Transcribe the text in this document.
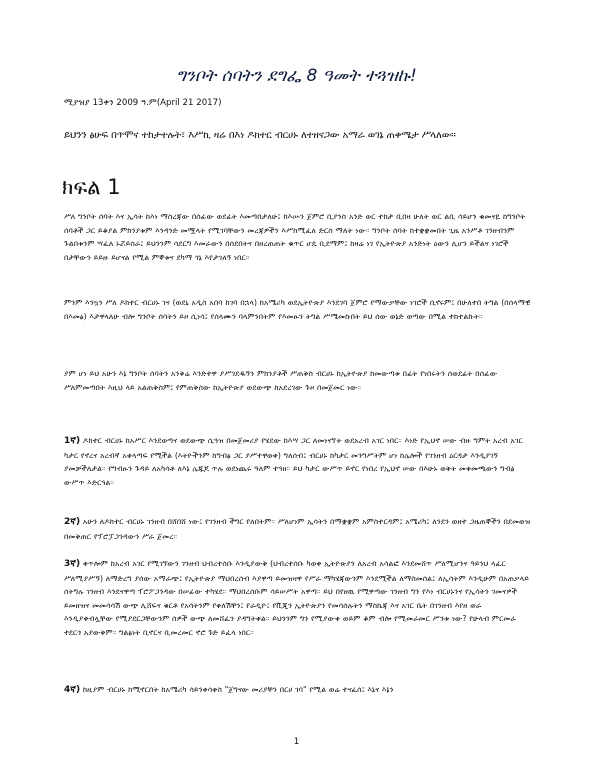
ግንቦት ሰባትን ደግፌ 8 ዓመት ተጓዝኩ!
ሚያዝያ 13ቀን 2009 ዓ.ም(April 21 2017)
ይህንን ፅሁፍ በጥሞና ተከታተሉት፣ እሥኪ ዛሬ በእነ ዶክተር ብርሀኑ ለተዘናጋው አማራ ወገኔ ጠቀሜታ ሥላለው።
ክፍል 1
ሥለ ግንቦት ሰባት እና ኢሳት ከእነ ማስረጃው በሰፊው ወደፊት እመጣበታለሁ፤ ከእሡን ጀምሮ ቢያንስ አንድ ወር ተከታ ቢበዛ ሁለት ወር ልቢ ሳይሆን ቁመናዬ ከግንቦት ሰባቶች ጋር ይቆያል ምክንያቱም እንዳንድ መሟላት የሚገባቸውን መረጃዎችን እሥከሚፈለ ድርስ ማለት ነው። ግንቦት ሰባት ከተቋቋመበት ጊዜ አንሥቶ ገንዘብንም ጉልበቱንም ሣፈለ ኑሯይሰራ፤ ይህንንም ሳደርግ እመራውን በሰደበትና በዘረጠጠት ቁጥር ሆዴ ቢደማም፤ ከዛሬ ነገ የኢትዮጵያ አንድነት ዕውን ሊሆን ይችልና ነገሮች በታቸውን ይይዙ ይሆናል የሚል ምኞቱና ደካማ ጎኔ እየታገለኝ ነበር።
ምንም እንኳን ሥለ ዶክተር ብርሀኑ ገና (ወደኒ አዲስ አበባ ከገባ በኋላ) ከአሜሪካ ወደኢትዮጵያ እንደገባ ጀምሮ የማውቃቸው ነገሮች ቢኖሩም፤ በሁለተበ ትግል (በሰላማዊ በእመፅ) እታዋላለሁ ብሎ ግንቦት ሰባትን ይዞ ሲነሳ፤ የሰላሙን ባላምንበትም የእመፁን ትግል ሥሜመኩበት ይህ ሰው ወኔድ ወጣው በሚል ተከተልኩት።
ያም ሆነ ይህ አሁን እኔ ግንቦት ሰባትን አንቅሬ እንድተዋ ያሥገደዱኝን ምክንያቶች ሥጠቅስ ብርሀኑ ከኢትዮጵያ ከመውጣቱ በፊት የነበሩትን ሰወደፊት በሰፊው ሥለምመጣበት እዚህ ላይ አልጠቅስም፤ የምጠቅሰው ከኢትዮጵያ ወደውጭ ከአደረገው ጉዞ በመጀመር ነው።
1ኛ) ዶክተር ብርሀኑ ከአሥር እንደወጣና ወደውጭ ሲጓዝ በመጀመሪያ የሄደው ከእሣ ጋር ለመነናኘት ወደአረብ አገር ነበር። እነድ የኢህኖ ሠው ብዙ ግምት አረብ አገር ካታር የኖረና አረብኛ አቀላጣፍ የሚችል (እትዮችንም ከግብፅ ጋር ያሥተዋወቀ) ግለሰብ፤ ብርሀኑ ከካታር መንግሥትም ሆነ ከሌሎች የገንዘብ ዕርዳታ እንዲያገኝ ያመቻችለታል። የግብፁን ጉዳይ ለአካሳቶ ለእኔ ሌጁጆ ጥሉ ወደነጨሩ ዓለም ተጓዘ። ይህ ካታር ውሥጥ ይኖር የነበረ የኢህኖ ሠው በእሁኑ ወቅት መቀመጫውን ግብፅ ውሥጥ እድርጓል።
2ኛ) አሁን ለዶክተር ብርሀኑ ገንዘብ በሸበሸ ነው፤ የገንዘብ ችግር የለበትም። ሥለሆነም ኢሳትን በማቋቋም አምስተርዳም፤ አሜሪካ፤ ለንደን ወዘተ ጋዜጠኞችን በደመወዝ በመቅጠር የፕሮፓጋንዳውን ሥራ ጀመረ።
3ኛ) ቀጥሎም ከአረብ አገር የሚገኘውን ገንዘብ ህብረተሰቡ እንዲያውቅ (ህብረተሰቡ ካወቀ ኢትዮጵያን ለአረብ አሳልፎ እንደመሸጥ ሥለሚሆንና ዓይንህ ላፈር ሥለሚያሥኝ) ለማድረግ ያሰው አማራጭ፤ የኢትዮጵያ ማህበረሰብ እያዋጣ ይመዝዛዋ የሥራ ማካሄጃውንም እንደሚችል ለማስመሰል፤ ለኢሳትም እንዲሁም በአጠቃላይ ሰትግሉ ገንዘብ እንደናዋጣ ፕሮፖጋንዳው በሠፊው ተካሄደ። ማህበረሰቡም ሳይሠሥት አዋጣ። ይህ በየዘዉ የሚዋጣው ገንዘብ ግን የእነ ብርሀኑንና የኢሳትን ገመናዎች ይመዘዝና መመሳሳሽ ውጭ ሊሸፍና ቁርቶ የአሳትንም የቀለሽቸን፤ የራዲዮ፤ የቪጂን ኢትዮጵያን የመሳሰሉትን ማስኬጃ እና አገር ቤት በገንዘብ እየዘ ወራ እንዲያቀብሏቸው የሚያደርጋቸውንም ሰዎች ውጭ ለመሸፈን ያዳግትቀል። ይህንንም ግን የሚያውቀ ወይም ቆም ብሎ የሚመራመር ሥንቱ ነው? የሁላብ ምርመራ ተደርጎ አያውቅም። ግልፅነት ቢኖርና ቢመረመር ኖሮ ጉድ ይፈላ ነበር።
4ኛ) ከዚያም ብርሀኑ ከሚኖርበት ከአሜሪካ ሳይንቀሳቀስ "ጀግናው መሪያቸን በርሀ ገባ" የሚል ወሬ ተናፈሰ፤ እኔና እኔን
1
